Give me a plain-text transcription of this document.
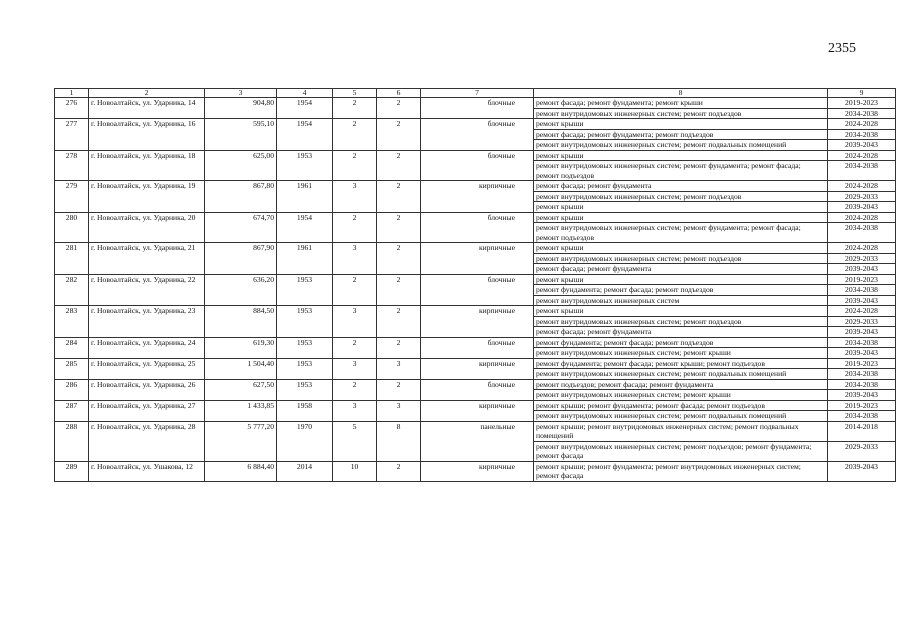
2355
1	2	3	4	5	6	7	8	9
276	г. Новоалтайск, ул. Ударника, 14	904,80	1954	2	2	блочные	ремонт фасада; ремонт фундамента; ремонт крыши	2019-2023
							ремонт внутридомовых инженерных систем; ремонт подъездов	2034-2038
277	г. Новоалтайск, ул. Ударника, 16	595,10	1954	2	2	блочные	ремонт крыши	2024-2028
							ремонт фасада; ремонт фундамента; ремонт подъездов	2034-2038
							ремонт внутридомовых инженерных систем; ремонт подвальных помещений	2039-2043
278	г. Новоалтайск, ул. Ударника, 18	625,00	1953	2	2	блочные	ремонт крыши	2024-2028
							ремонт внутридомовых инженерных систем; ремонт фундамента; ремонт фасада; ремонт подъездов	2034-2038
279	г. Новоалтайск, ул. Ударника, 19	867,80	1961	3	2	кирпичные	ремонт фасада; ремонт фундамента	2024-2028
							ремонт внутридомовых инженерных систем; ремонт подъездов	2029-2033
							ремонт крыши	2039-2043
280	г. Новоалтайск, ул. Ударника, 20	674,70	1954	2	2	блочные	ремонт крыши	2024-2028
							ремонт внутридомовых инженерных систем; ремонт фундамента; ремонт фасада; ремонт подъездов	2034-2038
281	г. Новоалтайск, ул. Ударника, 21	867,90	1961	3	2	кирпичные	ремонт крыши	2024-2028
							ремонт внутридомовых инженерных систем; ремонт подъездов	2029-2033
							ремонт фасада; ремонт фундамента	2039-2043
282	г. Новоалтайск, ул. Ударника, 22	636,20	1953	2	2	блочные	ремонт крыши	2019-2023
							ремонт фундамента; ремонт фасада; ремонт подъездов	2034-2038
							ремонт внутридомовых инженерных систем	2039-2043
283	г. Новоалтайск, ул. Ударника, 23	884,50	1953	3	2	кирпичные	ремонт крыши	2024-2028
							ремонт внутридомовых инженерных систем; ремонт подъездов	2029-2033
							ремонт фасада; ремонт фундамента	2039-2043
284	г. Новоалтайск, ул. Ударника, 24	619,30	1953	2	2	блочные	ремонт фундамента; ремонт фасада; ремонт подъездов	2034-2038
							ремонт внутридомовых инженерных систем; ремонт крыши	2039-2043
285	г. Новоалтайск, ул. Ударника, 25	1 504,40	1953	3	3	кирпичные	ремонт фундамента; ремонт фасада; ремонт крыши; ремонт подъездов	2019-2023
							ремонт внутридомовых инженерных систем; ремонт подвальных помещений	2034-2038
286	г. Новоалтайск, ул. Ударника, 26	627,50	1953	2	2	блочные	ремонт подъездов; ремонт фасада; ремонт фундамента	2034-2038
							ремонт внутридомовых инженерных систем; ремонт крыши	2039-2043
287	г. Новоалтайск, ул. Ударника, 27	1 433,85	1958	3	3	кирпичные	ремонт крыши; ремонт фундамента; ремонт фасада; ремонт подъездов	2019-2023
							ремонт внутридомовых инженерных систем; ремонт подвальных помещений	2034-2038
288	г. Новоалтайск, ул. Ударника, 28	5 777,20	1970	5	8	панельные	ремонт крыши; ремонт внутридомовых инженерных систем; ремонт подвальных помещений	2014-2018
							ремонт внутридомовых инженерных систем; ремонт подъездов; ремонт фундамента; ремонт фасада	2029-2033
289	г. Новоалтайск, ул. Ушакова, 12	6 884,40	2014	10	2	кирпичные	ремонт крыши; ремонт фундамента; ремонт внутридомовых инженерных систем; ремонт фасада	2039-2043
